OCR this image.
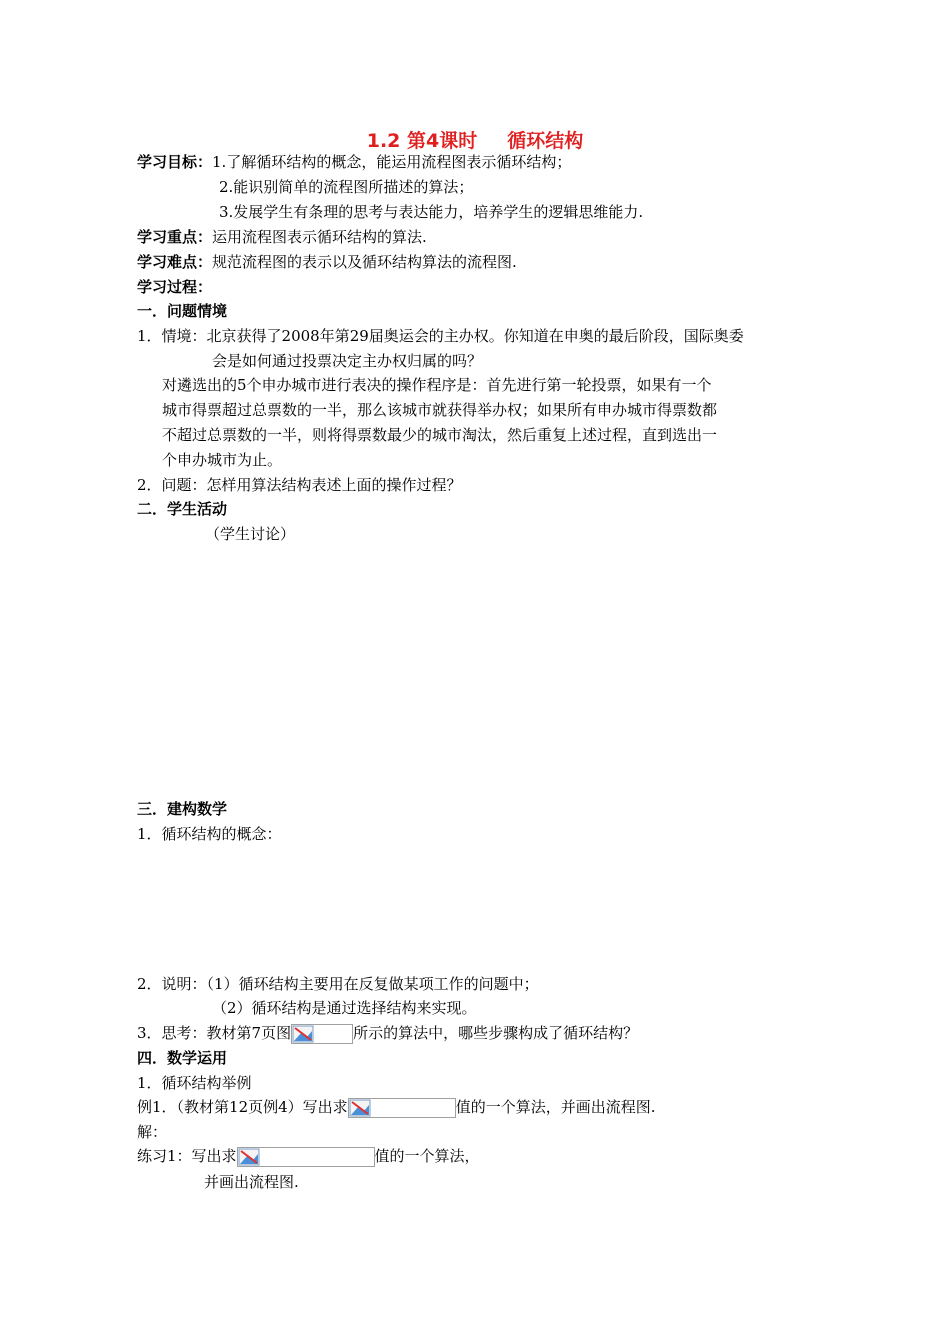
1.2 第4课时 循环结构
学习目标：1.了解循环结构的概念，能运用流程图表示循环结构；
2.能识别简单的流程图所描述的算法；
3.发展学生有条理的思考与表达能力，培养学生的逻辑思维能力.
学习重点：运用流程图表示循环结构的算法.
学习难点：规范流程图的表示以及循环结构算法的流程图.
学习过程：
一．问题情境
1．情境：北京获得了2008年第29届奥运会的主办权。你知道在申奥的最后阶段，国际奥委
会是如何通过投票决定主办权归属的吗？
对遴选出的5个申办城市进行表决的操作程序是：首先进行第一轮投票，如果有一个
城市得票超过总票数的一半，那么该城市就获得举办权；如果所有申办城市得票数都
不超过总票数的一半，则将得票数最少的城市淘汰，然后重复上述过程，直到选出一
个申办城市为止。
2．问题：怎样用算法结构表述上面的操作过程？
二．学生活动
（学生讨论）
三．建构数学
1．循环结构的概念：
2．说明：（1）循环结构主要用在反复做某项工作的问题中；
（2）循环结构是通过选择结构来实现。
3．思考：教材第7页图	所示的算法中，哪些步骤构成了循环结构？
四．数学运用
1．循环结构举例
例1．（教材第12页例4）写出求	值的一个算法，并画出流程图.
解：
练习1：写出求	值的一个算法，
并画出流程图.
